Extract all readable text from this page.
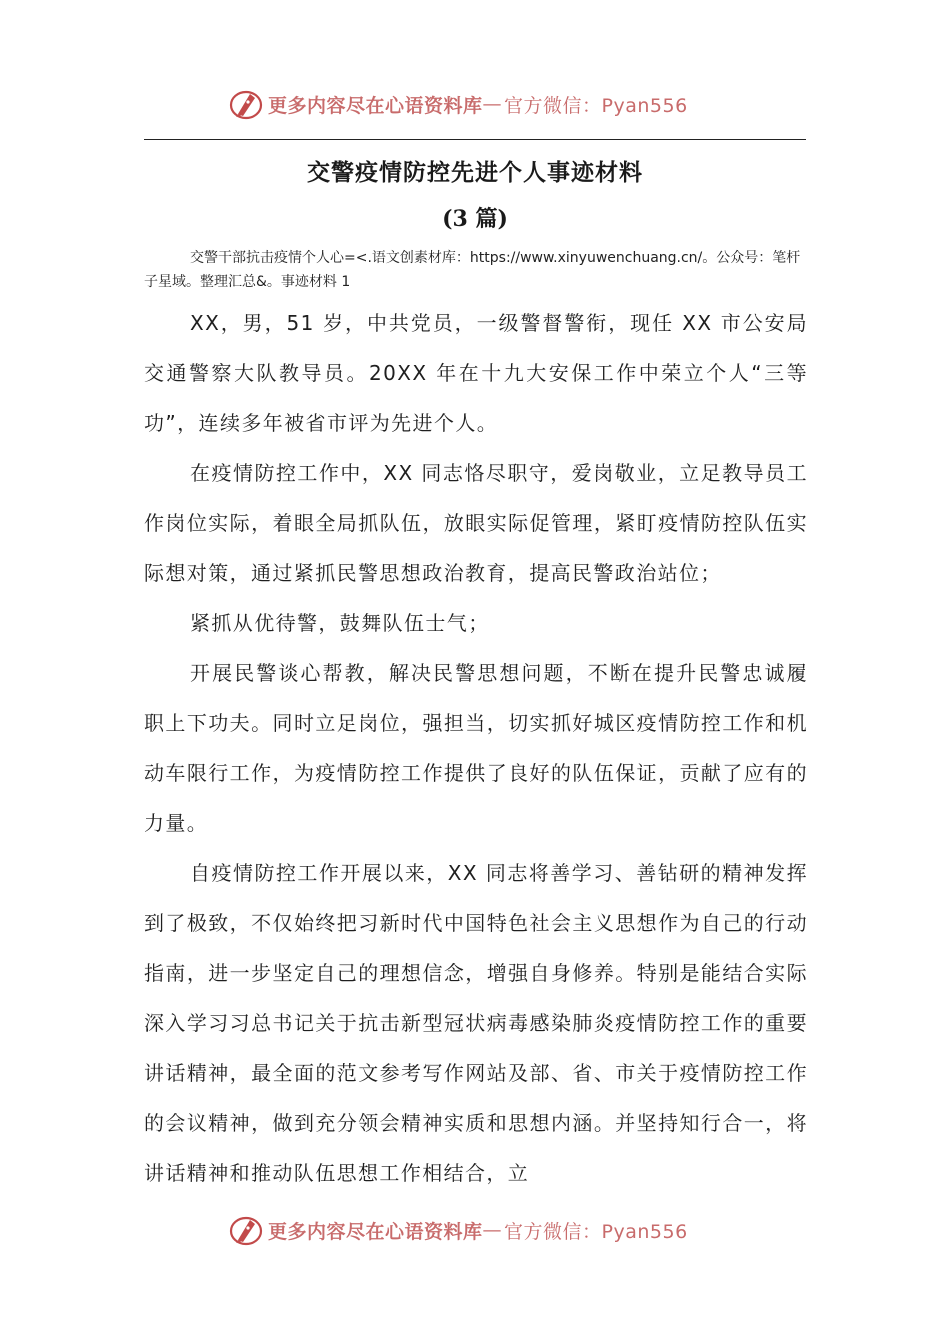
更多内容尽在心语资料库 — 官方微信：Pyan556
交警疫情防控先进个人事迹材料
(3 篇)
交警干部抗击疫情个人心=<.语文创素材库：https://www.xinyuwenchuang.cn/。公众号：笔杆子星域。整理汇总&。事迹材料 1

XX，男，51 岁，中共党员，一级警督警衔，现任 XX 市公安局交通警察大队教导员。20XX 年在十九大安保工作中荣立个人“三等功”，连续多年被省市评为先进个人。

在疫情防控工作中，XX 同志恪尽职守，爱岗敬业，立足教导员工作岗位实际，着眼全局抓队伍，放眼实际促管理，紧盯疫情防控队伍实际想对策，通过紧抓民警思想政治教育，提高民警政治站位；

紧抓从优待警，鼓舞队伍士气；

开展民警谈心帮教，解决民警思想问题，不断在提升民警忠诚履职上下功夫。同时立足岗位，强担当，切实抓好城区疫情防控工作和机动车限行工作，为疫情防控工作提供了良好的队伍保证，贡献了应有的力量。

自疫情防控工作开展以来，XX 同志将善学习、善钻研的精神发挥到了极致，不仅始终把习新时代中国特色社会主义思想作为自己的行动指南，进一步坚定自己的理想信念，增强自身修养。特别是能结合实际深入学习习总书记关于抗击新型冠状病毒感染肺炎疫情防控工作的重要讲话精神，最全面的范文参考写作网站及部、省、市关于疫情防控工作的会议精神，做到充分领会精神实质和思想内涵。并坚持知行合一，将讲话精神和推动队伍思想工作相结合，立

更多内容尽在心语资料库 — 官方微信：Pyan556
